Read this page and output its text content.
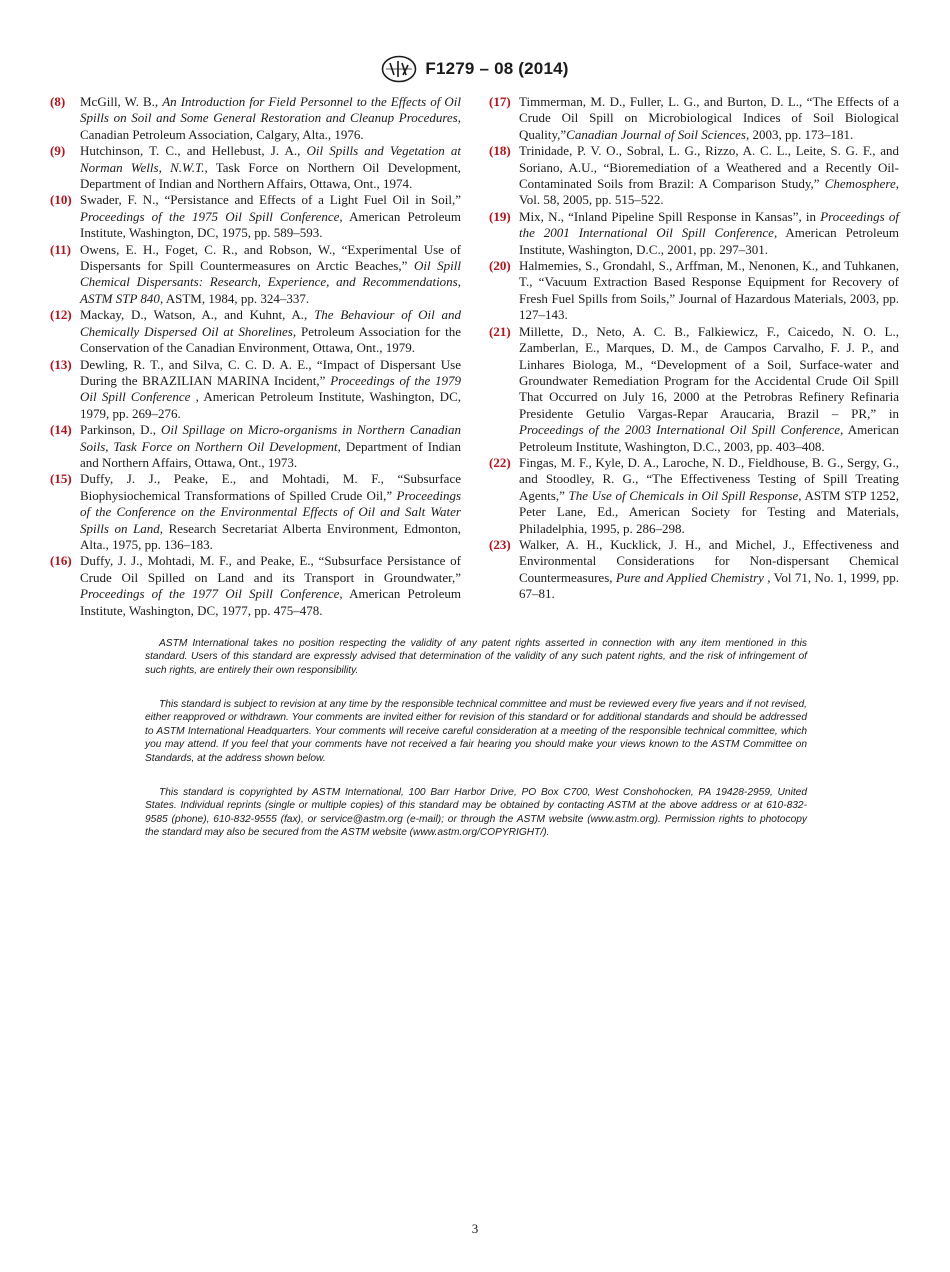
F1279 – 08 (2014)

(8) McGill, W. B., An Introduction for Field Personnel to the Effects of Oil Spills on Soil and Some General Restoration and Cleanup Procedures, Canadian Petroleum Association, Calgary, Alta., 1976.

(9) Hutchinson, T. C., and Hellebust, J. A., Oil Spills and Vegetation at Norman Wells, N.W.T., Task Force on Northern Oil Development, Department of Indian and Northern Affairs, Ottawa, Ont., 1974.

(10) Swader, F. N., “Persistance and Effects of a Light Fuel Oil in Soil,” Proceedings of the 1975 Oil Spill Conference, American Petroleum Institute, Washington, DC, 1975, pp. 589–593.

(11) Owens, E. H., Foget, C. R., and Robson, W., “Experimental Use of Dispersants for Spill Countermeasures on Arctic Beaches,” Oil Spill Chemical Dispersants: Research, Experience, and Recommendations, ASTM STP 840, ASTM, 1984, pp. 324–337.

(12) Mackay, D., Watson, A., and Kuhnt, A., The Behaviour of Oil and Chemically Dispersed Oil at Shorelines, Petroleum Association for the Conservation of the Canadian Environment, Ottawa, Ont., 1979.

(13) Dewling, R. T., and Silva, C. C. D. A. E., “Impact of Dispersant Use During the BRAZILIAN MARINA Incident,” Proceedings of the 1979 Oil Spill Conference , American Petroleum Institute, Washington, DC, 1979, pp. 269–276.

(14) Parkinson, D., Oil Spillage on Micro-organisms in Northern Canadian Soils, Task Force on Northern Oil Development, Department of Indian and Northern Affairs, Ottawa, Ont., 1973.

(15) Duffy, J. J., Peake, E., and Mohtadi, M. F., “Subsurface Biophysiochemical Transformations of Spilled Crude Oil,” Proceedings of the Conference on the Environmental Effects of Oil and Salt Water Spills on Land, Research Secretariat Alberta Environment, Edmonton, Alta., 1975, pp. 136–183.

(16) Duffy, J. J., Mohtadi, M. F., and Peake, E., “Subsurface Persistance of Crude Oil Spilled on Land and its Transport in Groundwater,” Proceedings of the 1977 Oil Spill Conference, American Petroleum Institute, Washington, DC, 1977, pp. 475–478.

(17) Timmerman, M. D., Fuller, L. G., and Burton, D. L., “The Effects of a Crude Oil Spill on Microbiological Indices of Soil Biological Quality,”Canadian Journal of Soil Sciences, 2003, pp. 173–181.

(18) Trinidade, P. V. O., Sobral, L. G., Rizzo, A. C. L., Leite, S. G. F., and Soriano, A.U., “Bioremediation of a Weathered and a Recently Oil-Contaminated Soils from Brazil: A Comparison Study,” Chemosphere, Vol. 58, 2005, pp. 515–522.

(19) Mix, N., “Inland Pipeline Spill Response in Kansas”, in Proceedings of the 2001 International Oil Spill Conference, American Petroleum Institute, Washington, D.C., 2001, pp. 297–301.

(20) Halmemies, S., Grondahl, S., Arffman, M., Nenonen, K., and Tuhkanen, T., “Vacuum Extraction Based Response Equipment for Recovery of Fresh Fuel Spills from Soils,” Journal of Hazardous Materials, 2003, pp. 127–143.

(21) Millette, D., Neto, A. C. B., Falkiewicz, F., Caicedo, N. O. L., Zamberlan, E., Marques, D. M., de Campos Carvalho, F. J. P., and Linhares Biologa, M., “Development of a Soil, Surface-water and Groundwater Remediation Program for the Accidental Crude Oil Spill That Occurred on July 16, 2000 at the Petrobras Refinery Refinaria Presidente Getulio Vargas-Repar Araucaria, Brazil – PR,” in Proceedings of the 2003 International Oil Spill Conference, American Petroleum Institute, Washington, D.C., 2003, pp. 403–408.

(22) Fingas, M. F., Kyle, D. A., Laroche, N. D., Fieldhouse, B. G., Sergy, G., and Stoodley, R. G., “The Effectiveness Testing of Spill Treating Agents,” The Use of Chemicals in Oil Spill Response, ASTM STP 1252, Peter Lane, Ed., American Society for Testing and Materials, Philadelphia, 1995, p. 286–298.

(23) Walker, A. H., Kucklick, J. H., and Michel, J., Effectiveness and Environmental Considerations for Non-dispersant Chemical Countermeasures, Pure and Applied Chemistry , Vol 71, No. 1, 1999, pp. 67–81.

ASTM International takes no position respecting the validity of any patent rights asserted in connection with any item mentioned in this standard. Users of this standard are expressly advised that determination of the validity of any such patent rights, and the risk of infringement of such rights, are entirely their own responsibility.

This standard is subject to revision at any time by the responsible technical committee and must be reviewed every five years and if not revised, either reapproved or withdrawn. Your comments are invited either for revision of this standard or for additional standards and should be addressed to ASTM International Headquarters. Your comments will receive careful consideration at a meeting of the responsible technical committee, which you may attend. If you feel that your comments have not received a fair hearing you should make your views known to the ASTM Committee on Standards, at the address shown below.

This standard is copyrighted by ASTM International, 100 Barr Harbor Drive, PO Box C700, West Conshohocken, PA 19428-2959, United States. Individual reprints (single or multiple copies) of this standard may be obtained by contacting ASTM at the above address or at 610-832-9585 (phone), 610-832-9555 (fax), or service@astm.org (e-mail); or through the ASTM website (www.astm.org). Permission rights to photocopy the standard may also be secured from the ASTM website (www.astm.org/COPYRIGHT/).

3
